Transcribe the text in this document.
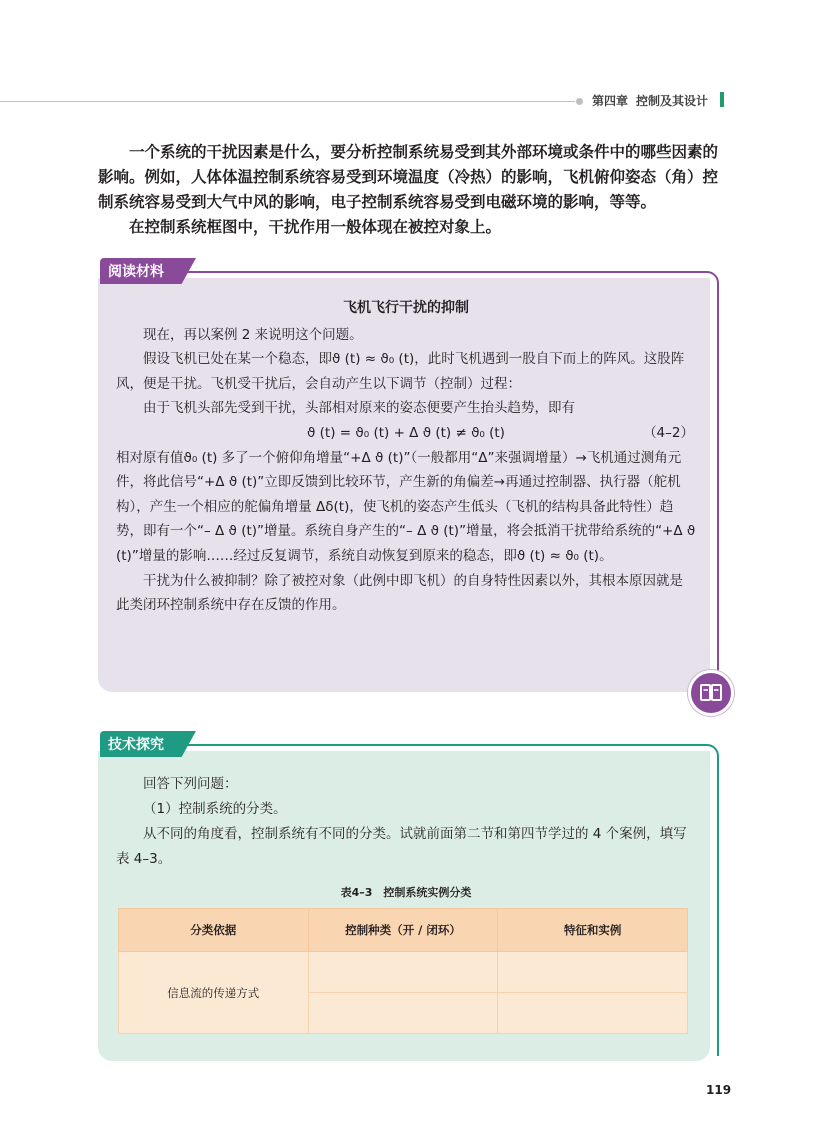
第四章 控制及其设计

一个系统的干扰因素是什么，要分析控制系统易受到其外部环境或条件中的哪些因素的影响。例如，人体体温控制系统容易受到环境温度（冷热）的影响，飞机俯仰姿态（角）控制系统容易受到大气中风的影响，电子控制系统容易受到电磁环境的影响，等等。

在控制系统框图中，干扰作用一般体现在被控对象上。

阅读材料

飞机飞行干扰的抑制

现在，再以案例 2 来说明这个问题。

假设飞机已处在某一个稳态，即ϑ (t) ≈ ϑ₀ (t)，此时飞机遇到一股自下而上的阵风。这股阵风，便是干扰。飞机受干扰后，会自动产生以下调节（控制）过程：

由于飞机头部先受到干扰，头部相对原来的姿态便要产生抬头趋势，即有

ϑ (t) = ϑ₀ (t) + Δ ϑ (t) ≠ ϑ₀ (t)	（4–2）

相对原有值ϑ₀ (t) 多了一个俯仰角增量“+Δ ϑ (t)”（一般都用“Δ”来强调增量）→飞机通过测角元件，将此信号“+Δ ϑ (t)”立即反馈到比较环节，产生新的角偏差→再通过控制器、执行器（舵机构），产生一个相应的舵偏角增量 Δδ(t)，使飞机的姿态产生低头（飞机的结构具备此特性）趋势，即有一个“– Δ ϑ (t)”增量。系统自身产生的“– Δ ϑ (t)”增量，将会抵消干扰带给系统的“+Δ ϑ (t)”增量的影响……经过反复调节，系统自动恢复到原来的稳态，即ϑ (t) ≈ ϑ₀ (t)。

干扰为什么被抑制？除了被控对象（此例中即飞机）的自身特性因素以外，其根本原因就是此类闭环控制系统中存在反馈的作用。

技术探究

回答下列问题：

（1）控制系统的分类。

从不同的角度看，控制系统有不同的分类。试就前面第二节和第四节学过的 4 个案例，填写表 4–3。

表4–3　控制系统实例分类
分类依据	控制种类（开 / 闭环）	特征和实例
信息流的传递方式		

119
